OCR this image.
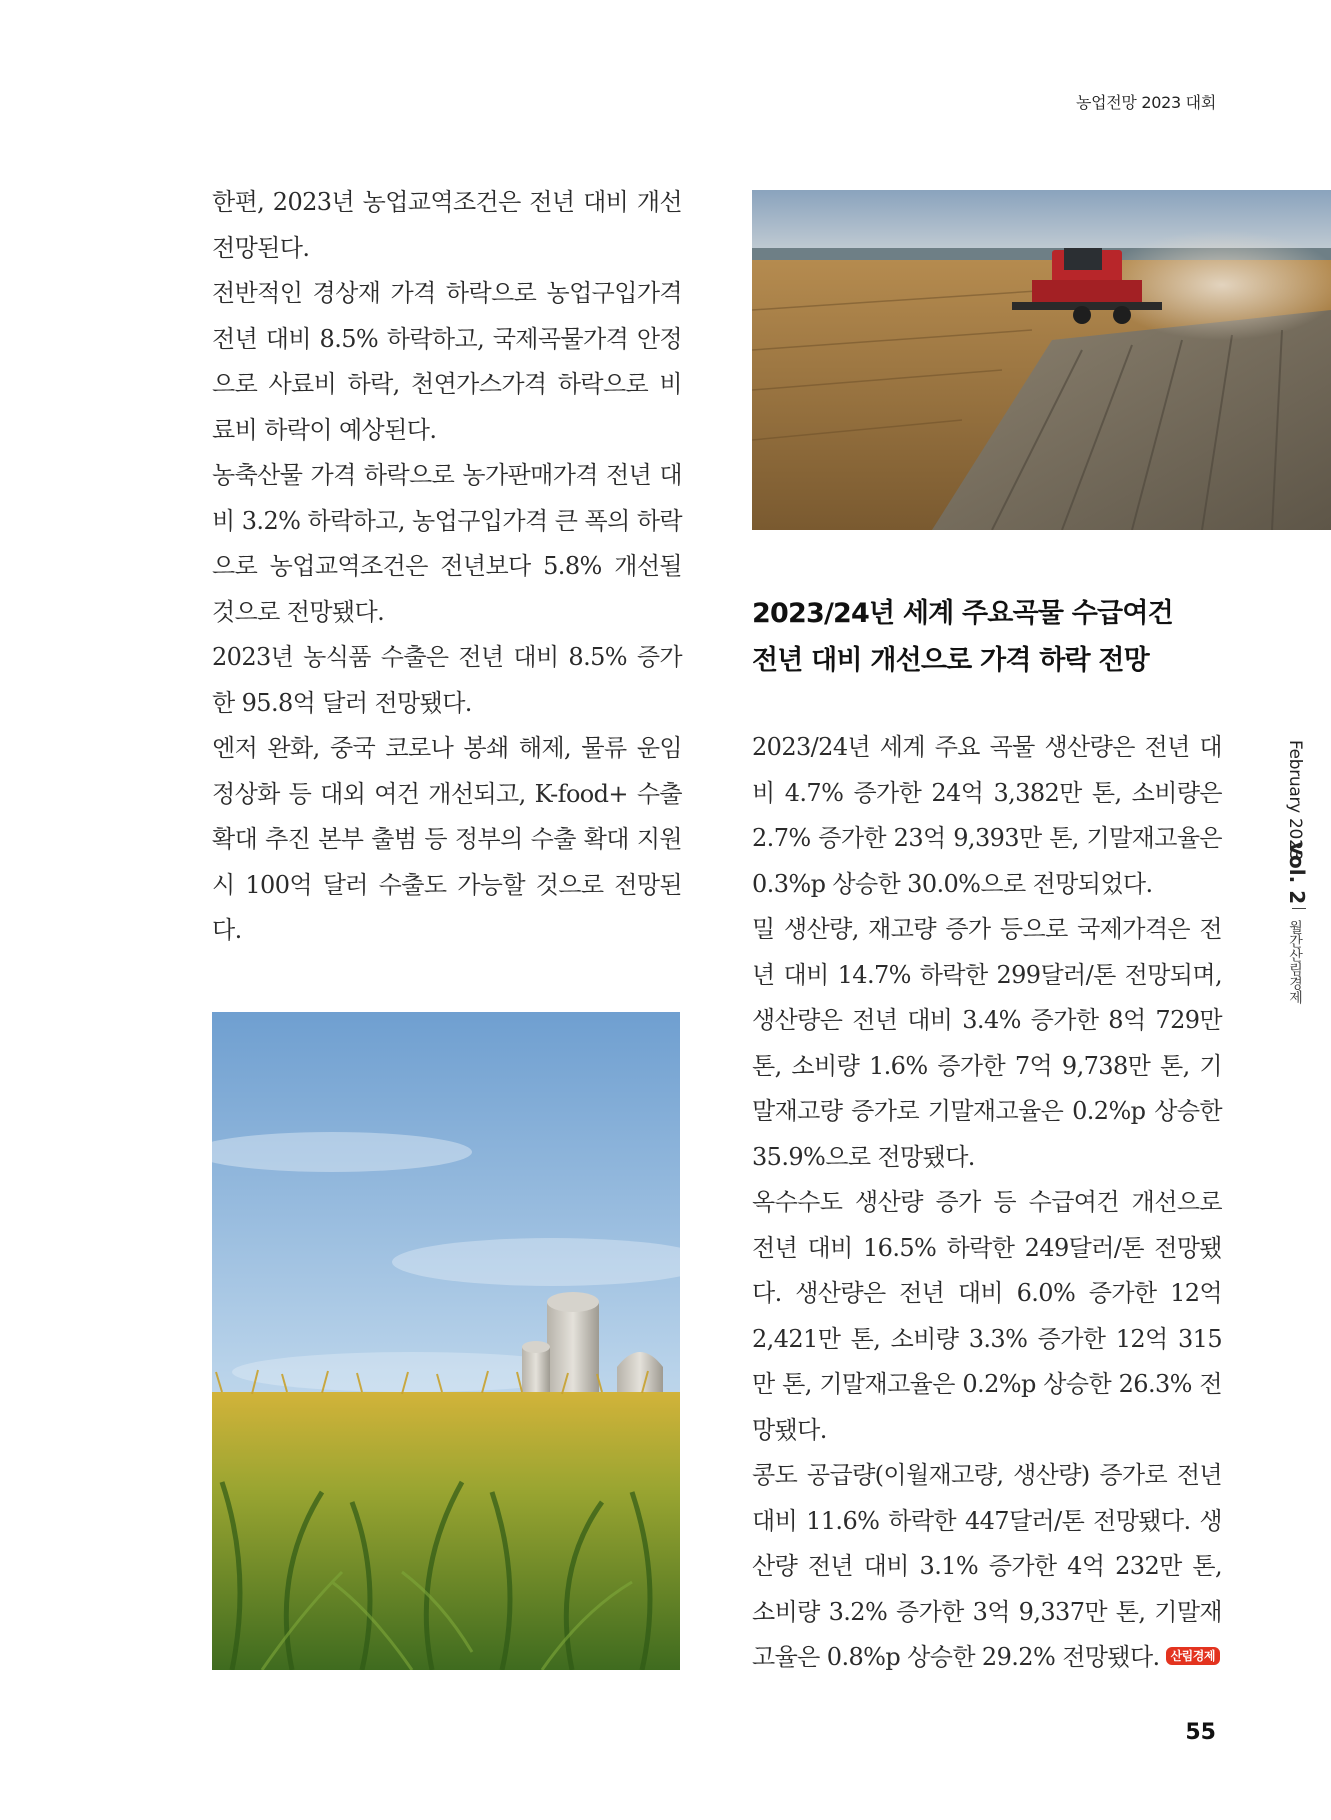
농업전망 2023 대회

한편, 2023년 농업교역조건은 전년 대비 개선 전망된다.

전반적인 경상재 가격 하락으로 농업구입가격 전년 대비 8.5% 하락하고, 국제곡물가격 안정으로 사료비 하락, 천연가스가격 하락으로 비료비 하락이 예상된다.

농축산물 가격 하락으로 농가판매가격 전년 대비 3.2% 하락하고, 농업구입가격 큰 폭의 하락으로 농업교역조건은 전년보다 5.8% 개선될 것으로 전망됐다.

2023년 농식품 수출은 전년 대비 8.5% 증가한 95.8억 달러 전망됐다.

엔저 완화, 중국 코로나 봉쇄 해제, 물류 운임 정상화 등 대외 여건 개선되고, K-food+ 수출 확대 추진 본부 출범 등 정부의 수출 확대 지원 시 100억 달러 수출도 가능할 것으로 전망된다.

2023/24년 세계 주요곡물 수급여건
전년 대비 개선으로 가격 하락 전망

2023/24년 세계 주요 곡물 생산량은 전년 대비 4.7% 증가한 24억 3,382만 톤, 소비량은 2.7% 증가한 23억 9,393만 톤, 기말재고율은 0.3%p 상승한 30.0%으로 전망되었다.

밀 생산량, 재고량 증가 등으로 국제가격은 전년 대비 14.7% 하락한 299달러/톤 전망되며, 생산량은 전년 대비 3.4% 증가한 8억 729만 톤, 소비량 1.6% 증가한 7억 9,738만 톤, 기말재고량 증가로 기말재고율은 0.2%p 상승한 35.9%으로 전망됐다.

옥수수도 생산량 증가 등 수급여건 개선으로 전년 대비 16.5% 하락한 249달러/톤 전망됐다. 생산량은 전년 대비 6.0% 증가한 12억 2,421만 톤, 소비량 3.3% 증가한 12억 315만 톤, 기말재고율은 0.2%p 상승한 26.3% 전망됐다.

콩도 공급량(이월재고량, 생산량) 증가로 전년 대비 11.6% 하락한 447달러/톤 전망됐다. 생산량 전년 대비 3.1% 증가한 4억 232만 톤, 소비량 3.2% 증가한 3억 9,337만 톤, 기말재고율은 0.8%p 상승한 29.2% 전망됐다. 산림경제

February 2023
vol. 2
월간산림경제
55
